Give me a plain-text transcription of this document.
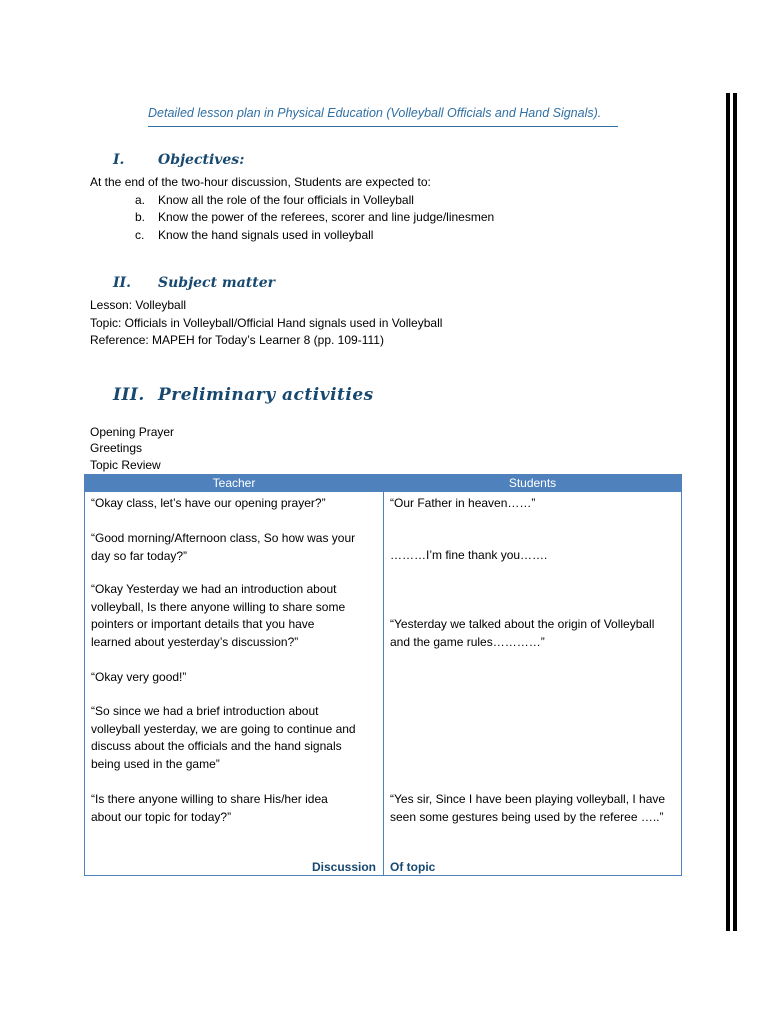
Detailed lesson plan in Physical Education (Volleyball Officials and Hand Signals).
I. Objectives:
At the end of the two-hour discussion, Students are expected to:
a. Know all the role of the four officials in Volleyball
b. Know the power of the referees, scorer and line judge/linesmen
c. Know the hand signals used in volleyball
II. Subject matter
Lesson: Volleyball
Topic: Officials in Volleyball/Official Hand signals used in Volleyball
Reference: MAPEH for Today’s Learner 8 (pp. 109-111)
III. Preliminary activities
Opening Prayer
Greetings
Topic Review
Teacher	Students
“Okay class, let’s have our opening prayer?”
“Good morning/Afternoon class, So how was your
day so far today?”
“Okay Yesterday we had an introduction about
volleyball, Is there anyone willing to share some
pointers or important details that you have
learned about yesterday’s discussion?”
“Okay very good!”
“So since we had a brief introduction about
volleyball yesterday, we are going to continue and
discuss about the officials and the hand signals
being used in the game”
“Is there anyone willing to share His/her idea
about our topic for today?”
“Our Father in heaven……”
………I’m fine thank you…….
“Yesterday we talked about the origin of Volleyball
and the game rules…………”
“Yes sir, Since I have been playing volleyball, I have
seen some gestures being used by the referee …..”
Discussion Of topic
